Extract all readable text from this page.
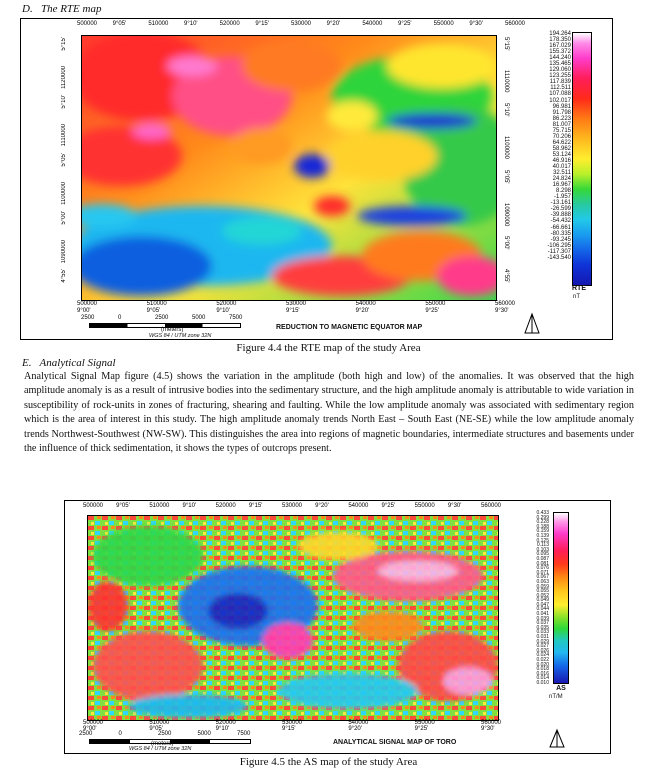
D. The RTE map
500000	9°05'	510000	9°10'	520000	9°15'	530000	9°20'	540000	9°25'	550000	9°30'	560000
5°15'
1120000
5°10'
1110000
5°05'
1100000
5°00'
1090000
4°55'
5°15'
1110000
5°10'
1100000
5°05'
1090000
5°00'
4°55'
500000	510000	520000	530000	540000	550000	560000
9°00'	9°05'	9°10'	9°15'	9°20'	9°25'	9°30'
2500	0	2500	5000	7500
(meters)
WGS 84 / UTM zone 32N
REDUCTION TO MAGNETIC EQUATOR MAP
194.264
178.350
167.029
155.372
144.240
135.465
129.060
123.255
117.839
112.511
107.088
102.017
96.981
91.798
86.223
81.007
75.715
70.206
64.622
58.962
53.124
46.916
40.017
32.511
24.824
16.967
8.298
-1.957
-13.161
-26.599
-39.888
-54.432
-66.661
-80.335
-93.245
-106.295
-117.307
-143.540
RTE
nT
Figure 4.4 the RTE map of the study Area
E. Analytical Signal
Analytical Signal Map figure (4.5) shows the variation in the amplitude (both high and low) of the anomalies. It was observed that the high amplitude anomaly is as a result of intrusive bodies into the sedimentary structure, and the high amplitude anomaly is attributable to wide variation in susceptibility of rock-units in zones of fracturing, shearing and faulting. While the low amplitude anomaly was associated with sedimentary region which is the area of interest in this study. The high amplitude anomaly trends North East – South East (NE-SE) while the low amplitude anomaly trends Northwest-Southwest (NW-SW). This distinguishes the area into regions of magnetic boundaries, intermediate structures and basements under the influence of thick sedimentation, it shows the types of outcrops present.
500000 9°05'	510000 9°10'	520000 9°15'	530000 9°20'	540000 9°25'	550000 9°30'	560000
500000	510000	520000	530000	540000	550000	560000
9°00'	9°05'	9°10'	9°15'	9°20'	9°25'	9°30'
2500	0	2500	5000	7500
(meters)
WGS 84 / UTM zone 32N
ANALYTICAL SIGNAL MAP OF TORO
0.433
0.299
0.228
0.188
0.159
0.139
0.125
0.113
0.103
0.095
0.087
0.081
0.076
0.071
0.067
0.063
0.059
0.055
0.052
0.049
0.047
0.044
0.041
0.039
0.037
0.035
0.033
0.031
0.029
0.027
0.026
0.024
0.022
0.020
0.018
0.016
0.014
0.010
AS
nT/M
Figure 4.5 the AS map of the study Area
